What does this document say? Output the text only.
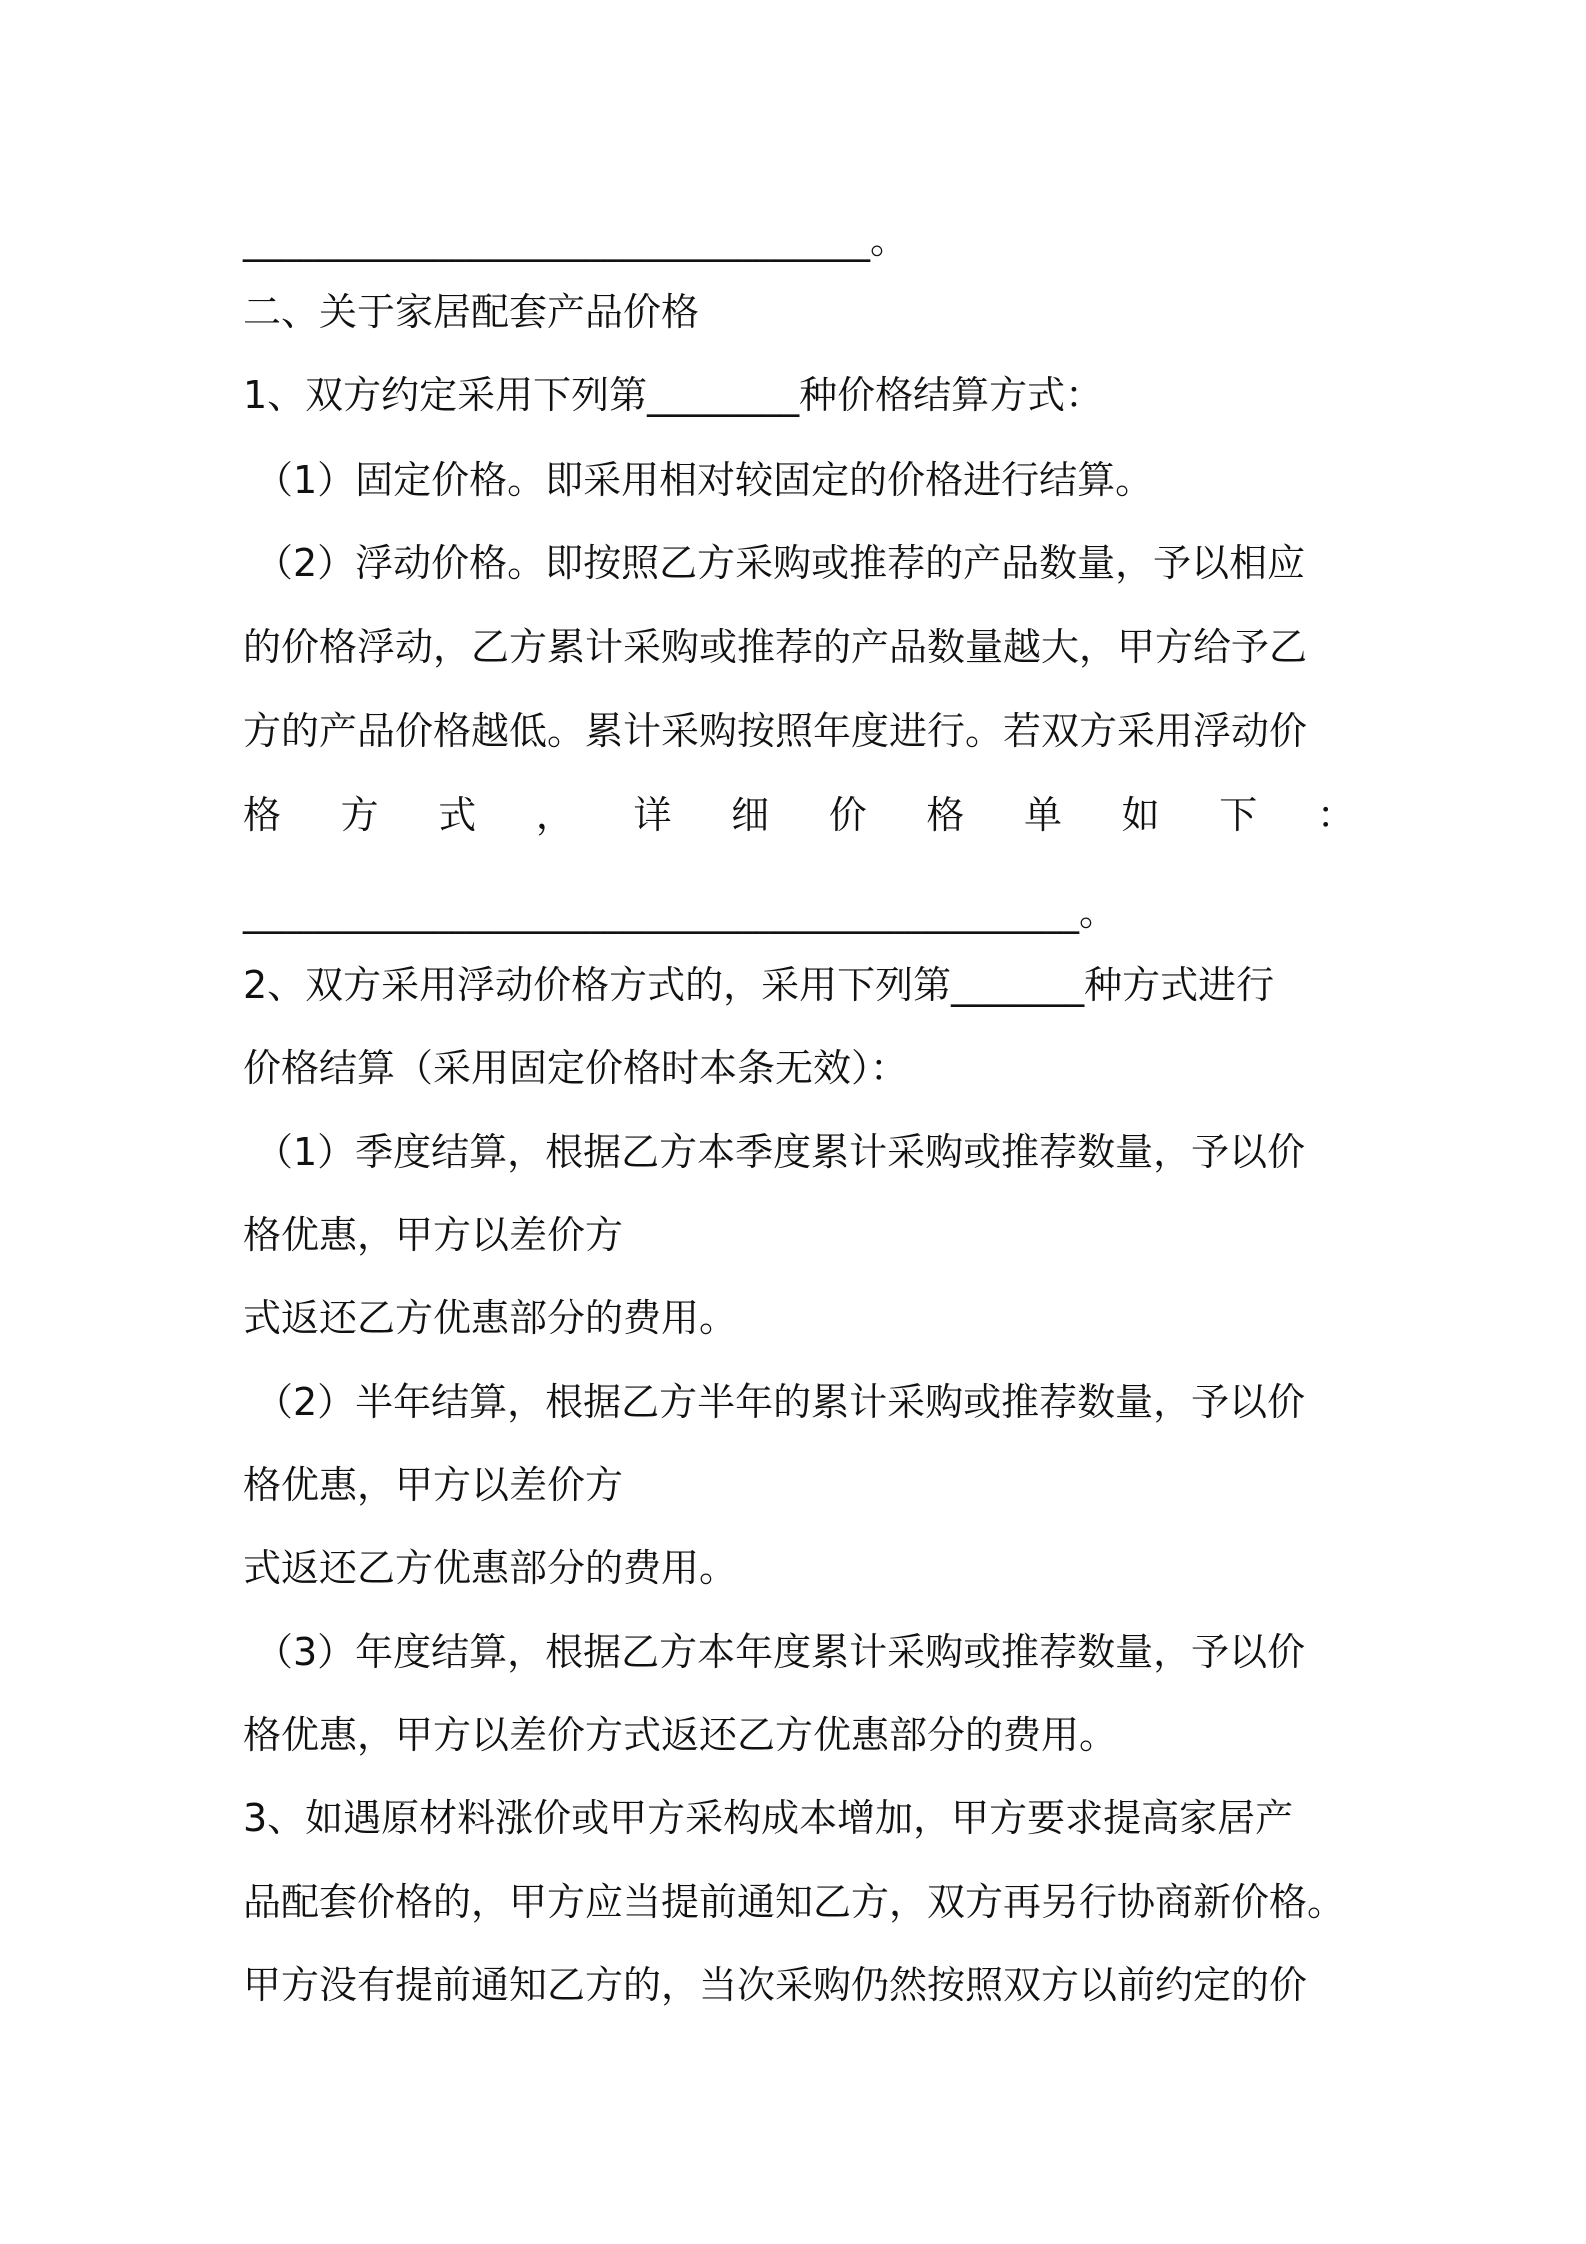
_________________________________。

二、关于家居配套产品价格

1、双方约定采用下列第________种价格结算方式：

（1）固定价格。即采用相对较固定的价格进行结算。

（2）浮动价格。即按照乙方采购或推荐的产品数量，予以相应

的价格浮动，乙方累计采购或推荐的产品数量越大，甲方给予乙

方的产品价格越低。累计采购按照年度进行。若双方采用浮动价

格 方 式 ， 详 细 价 格 单 如 下 ：

____________________________________________。

2、双方采用浮动价格方式的，采用下列第_______种方式进行

价格结算（采用固定价格时本条无效）：

（1）季度结算，根据乙方本季度累计采购或推荐数量，予以价

格优惠，甲方以差价方

式返还乙方优惠部分的费用。

（2）半年结算，根据乙方半年的累计采购或推荐数量，予以价

格优惠，甲方以差价方

式返还乙方优惠部分的费用。

（3）年度结算，根据乙方本年度累计采购或推荐数量，予以价

格优惠，甲方以差价方式返还乙方优惠部分的费用。

3、如遇原材料涨价或甲方采构成本增加，甲方要求提高家居产

品配套价格的，甲方应当提前通知乙方，双方再另行协商新价格。

甲方没有提前通知乙方的，当次采购仍然按照双方以前约定的价
